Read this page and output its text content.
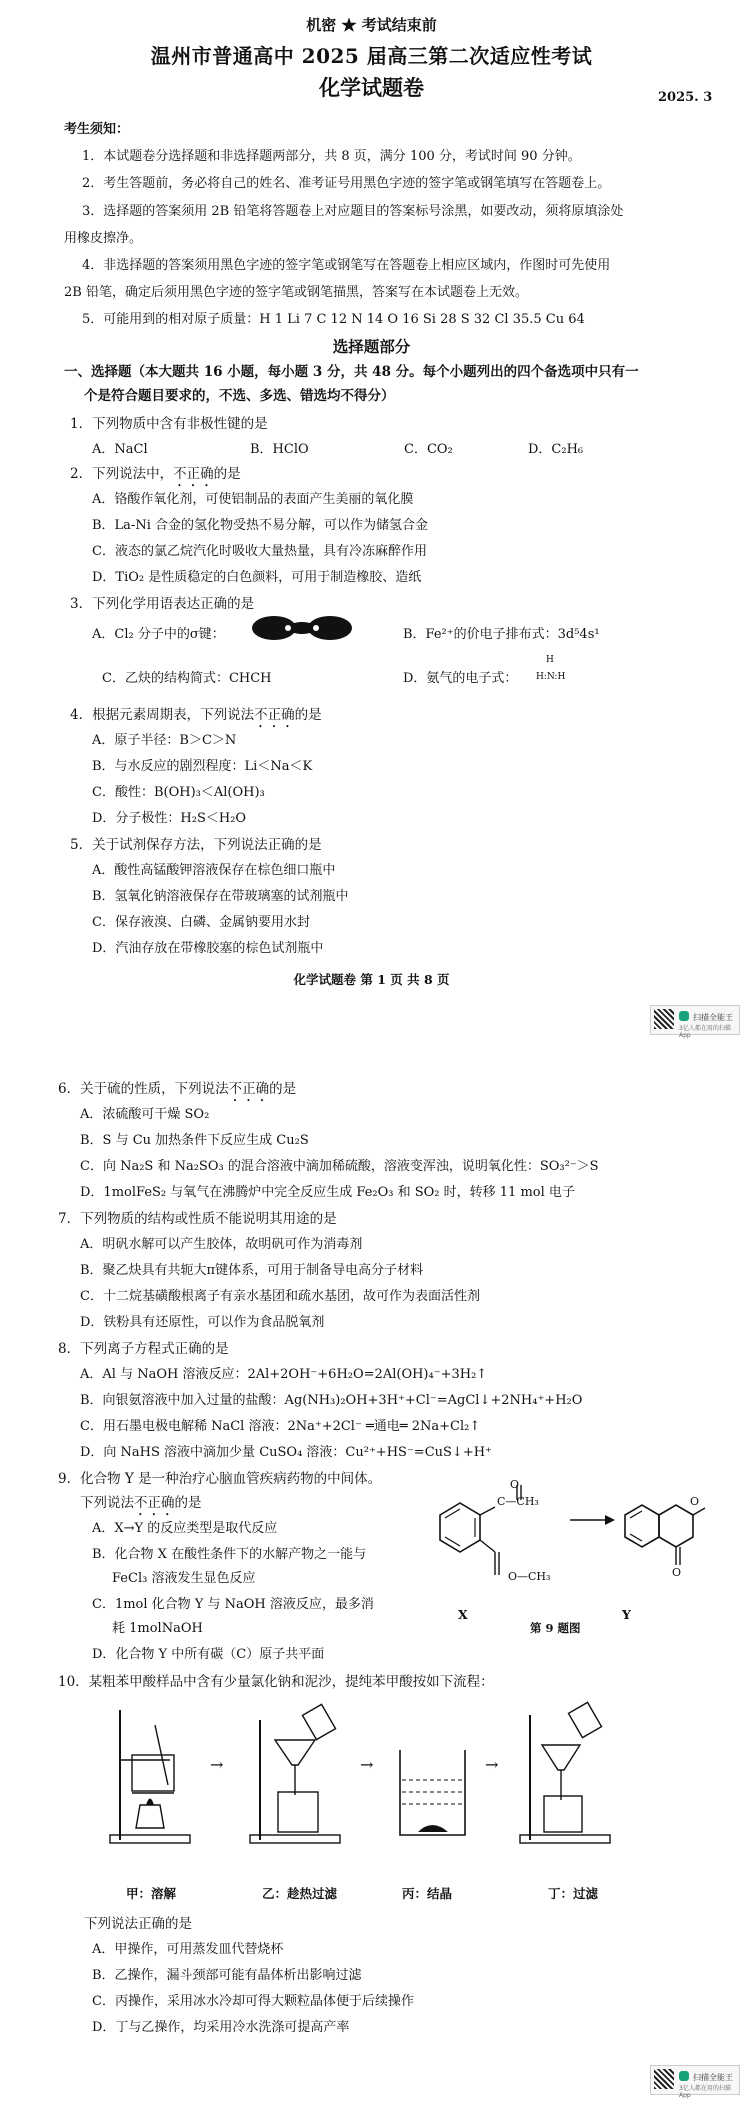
机密 ★ 考试结束前
温州市普通高中 2025 届高三第二次适应性考试
化学试题卷	2025. 3
考生须知：
1．本试题卷分选择题和非选择题两部分，共 8 页，满分 100 分，考试时间 90 分钟。
2．考生答题前，务必将自己的姓名、准考证号用黑色字迹的签字笔或钢笔填写在答题卷上。
3．选择题的答案须用 2B 铅笔将答题卷上对应题目的答案标号涂黑，如要改动，须将原填涂处
用橡皮擦净。
4．非选择题的答案须用黑色字迹的签字笔或钢笔写在答题卷上相应区域内，作图时可先使用
2B 铅笔，确定后须用黑色字迹的签字笔或钢笔描黑，答案写在本试题卷上无效。
5．可能用到的相对原子质量：H 1 Li 7 C 12 N 14 O 16 Si 28 S 32 Cl 35.5 Cu 64
选择题部分
一、选择题（本大题共 16 小题，每小题 3 分，共 48 分。每个小题列出的四个备选项中只有一
个是符合题目要求的，不选、多选、错选均不得分）
1．下列物质中含有非极性键的是
A．NaCl	B．HClO	C．CO₂	D．C₂H₆
2．下列说法中，不正确的是
A．铬酸作氧化剂，可使铝制品的表面产生美丽的氧化膜
B．La-Ni 合金的氢化物受热不易分解，可以作为储氢合金
C．液态的氯乙烷汽化时吸收大量热量，具有冷冻麻醉作用
D．TiO₂ 是性质稳定的白色颜料，可用于制造橡胶、造纸
3．下列化学用语表达正确的是
A．Cl₂ 分子中的σ键：	B．Fe²⁺的价电子排布式：3d⁵4s¹
C．乙炔的结构简式：CHCH	D．氨气的电子式：
H
H:N:H
4．根据元素周期表，下列说法不正确的是
A．原子半径：B＞C＞N
B．与水反应的剧烈程度：Li＜Na＜K
C．酸性：B(OH)₃＜Al(OH)₃
D．分子极性：H₂S＜H₂O
5．关于试剂保存方法，下列说法正确的是
A．酸性高锰酸钾溶液保存在棕色细口瓶中
B．氢氧化钠溶液保存在带玻璃塞的试剂瓶中
C．保存液溴、白磷、金属钠要用水封
D．汽油存放在带橡胶塞的棕色试剂瓶中
化学试题卷 第 1 页 共 8 页
扫描全能王
3亿人都在用的扫描App
6．关于硫的性质，下列说法不正确的是
A．浓硫酸可干燥 SO₂
B．S 与 Cu 加热条件下反应生成 Cu₂S
C．向 Na₂S 和 Na₂SO₃ 的混合溶液中滴加稀硫酸，溶液变浑浊，说明氧化性：SO₃²⁻＞S
D．1molFeS₂ 与氧气在沸腾炉中完全反应生成 Fe₂O₃ 和 SO₂ 时，转移 11 mol 电子
7．下列物质的结构或性质不能说明其用途的是
A．明矾水解可以产生胶体，故明矾可作为消毒剂
B．聚乙炔具有共轭大π键体系，可用于制备导电高分子材料
C．十二烷基磺酸根离子有亲水基团和疏水基团，故可作为表面活性剂
D．铁粉具有还原性，可以作为食品脱氧剂
8．下列离子方程式正确的是
A．Al 与 NaOH 溶液反应：2Al+2OH⁻+6H₂O=2Al(OH)₄⁻+3H₂↑
B．向银氨溶液中加入过量的盐酸：Ag(NH₃)₂OH+3H⁺+Cl⁻=AgCl↓+2NH₄⁺+H₂O
C．用石墨电极电解稀 NaCl 溶液：2Na⁺+2Cl⁻ ═通电═ 2Na+Cl₂↑
D．向 NaHS 溶液中滴加少量 CuSO₄ 溶液：Cu²⁺+HS⁻=CuS↓+H⁺
9．化合物 Y 是一种治疗心脑血管疾病药物的中间体。
下列说法不正确的是
A．X→Y 的反应类型是取代反应
B．化合物 X 在酸性条件下的水解产物之一能与
FeCl₃ 溶液发生显色反应
C．1mol 化合物 Y 与 NaOH 溶液反应，最多消
耗 1molNaOH
D．化合物 Y 中所有碳（C）原子共平面
C—CH₃
O
O—CH₃
O
O
X	Y
第 9 题图
10．某粗苯甲酸样品中含有少量氯化钠和泥沙，提纯苯甲酸按如下流程：
→	→	→
甲：溶解	乙：趁热过滤	丙：结晶	丁：过滤
下列说法正确的是
A．甲操作，可用蒸发皿代替烧杯
B．乙操作，漏斗颈部可能有晶体析出影响过滤
C．丙操作，采用冰水冷却可得大颗粒晶体便于后续操作
D．丁与乙操作，均采用冷水洗涤可提高产率
扫描全能王
3亿人都在用的扫描App
